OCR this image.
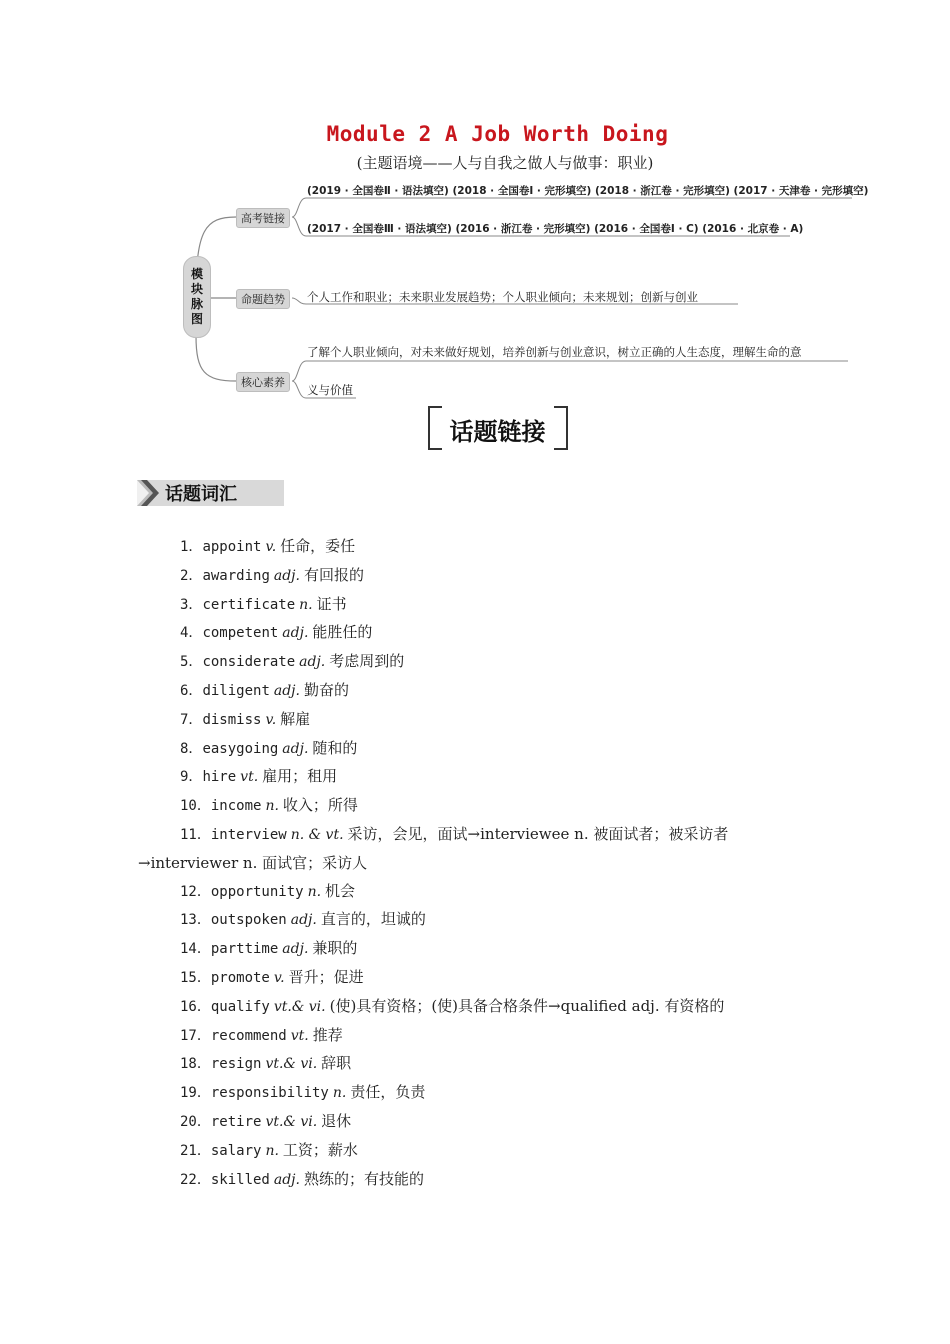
Module 2 A Job Worth Doing
(主题语境——人与自我之做人与做事：职业)
模块脉图
高考链接
命题趋势
核心素养
(2019 · 全国卷Ⅱ · 语法填空) (2018 · 全国卷Ⅰ · 完形填空) (2018 · 浙江卷 · 完形填空) (2017 · 天津卷 · 完形填空)
(2017 · 全国卷Ⅲ · 语法填空) (2016 · 浙江卷 · 完形填空) (2016 · 全国卷Ⅰ · C) (2016 · 北京卷 · A)
个人工作和职业；未来职业发展趋势；个人职业倾向；未来规划；创新与创业
了解个人职业倾向，对未来做好规划，培养创新与创业意识，树立正确的人生态度，理解生命的意
义与价值
话题链接
话题词汇
1．appoint v. 任命，委任
2．awarding adj. 有回报的
3．certificate n. 证书
4．competent adj. 能胜任的
5．considerate adj. 考虑周到的
6．diligent adj. 勤奋的
7．dismiss v. 解雇
8．easygoing adj. 随和的
9．hire vt. 雇用；租用
10．income n. 收入；所得
11．interview n. & vt. 采访，会见，面试→interviewee n. 被面试者；被采访者→interviewer n. 面试官；采访人
12．opportunity n. 机会
13．outspoken adj. 直言的，坦诚的
14．parttime adj. 兼职的
15．promote v. 晋升；促进
16．qualify vt.& vi. (使)具有资格；(使)具备合格条件→qualified adj. 有资格的
17．recommend vt. 推荐
18．resign vt.& vi. 辞职
19．responsibility n. 责任，负责
20．retire vt.& vi. 退休
21．salary n. 工资；薪水
22．skilled adj. 熟练的；有技能的
